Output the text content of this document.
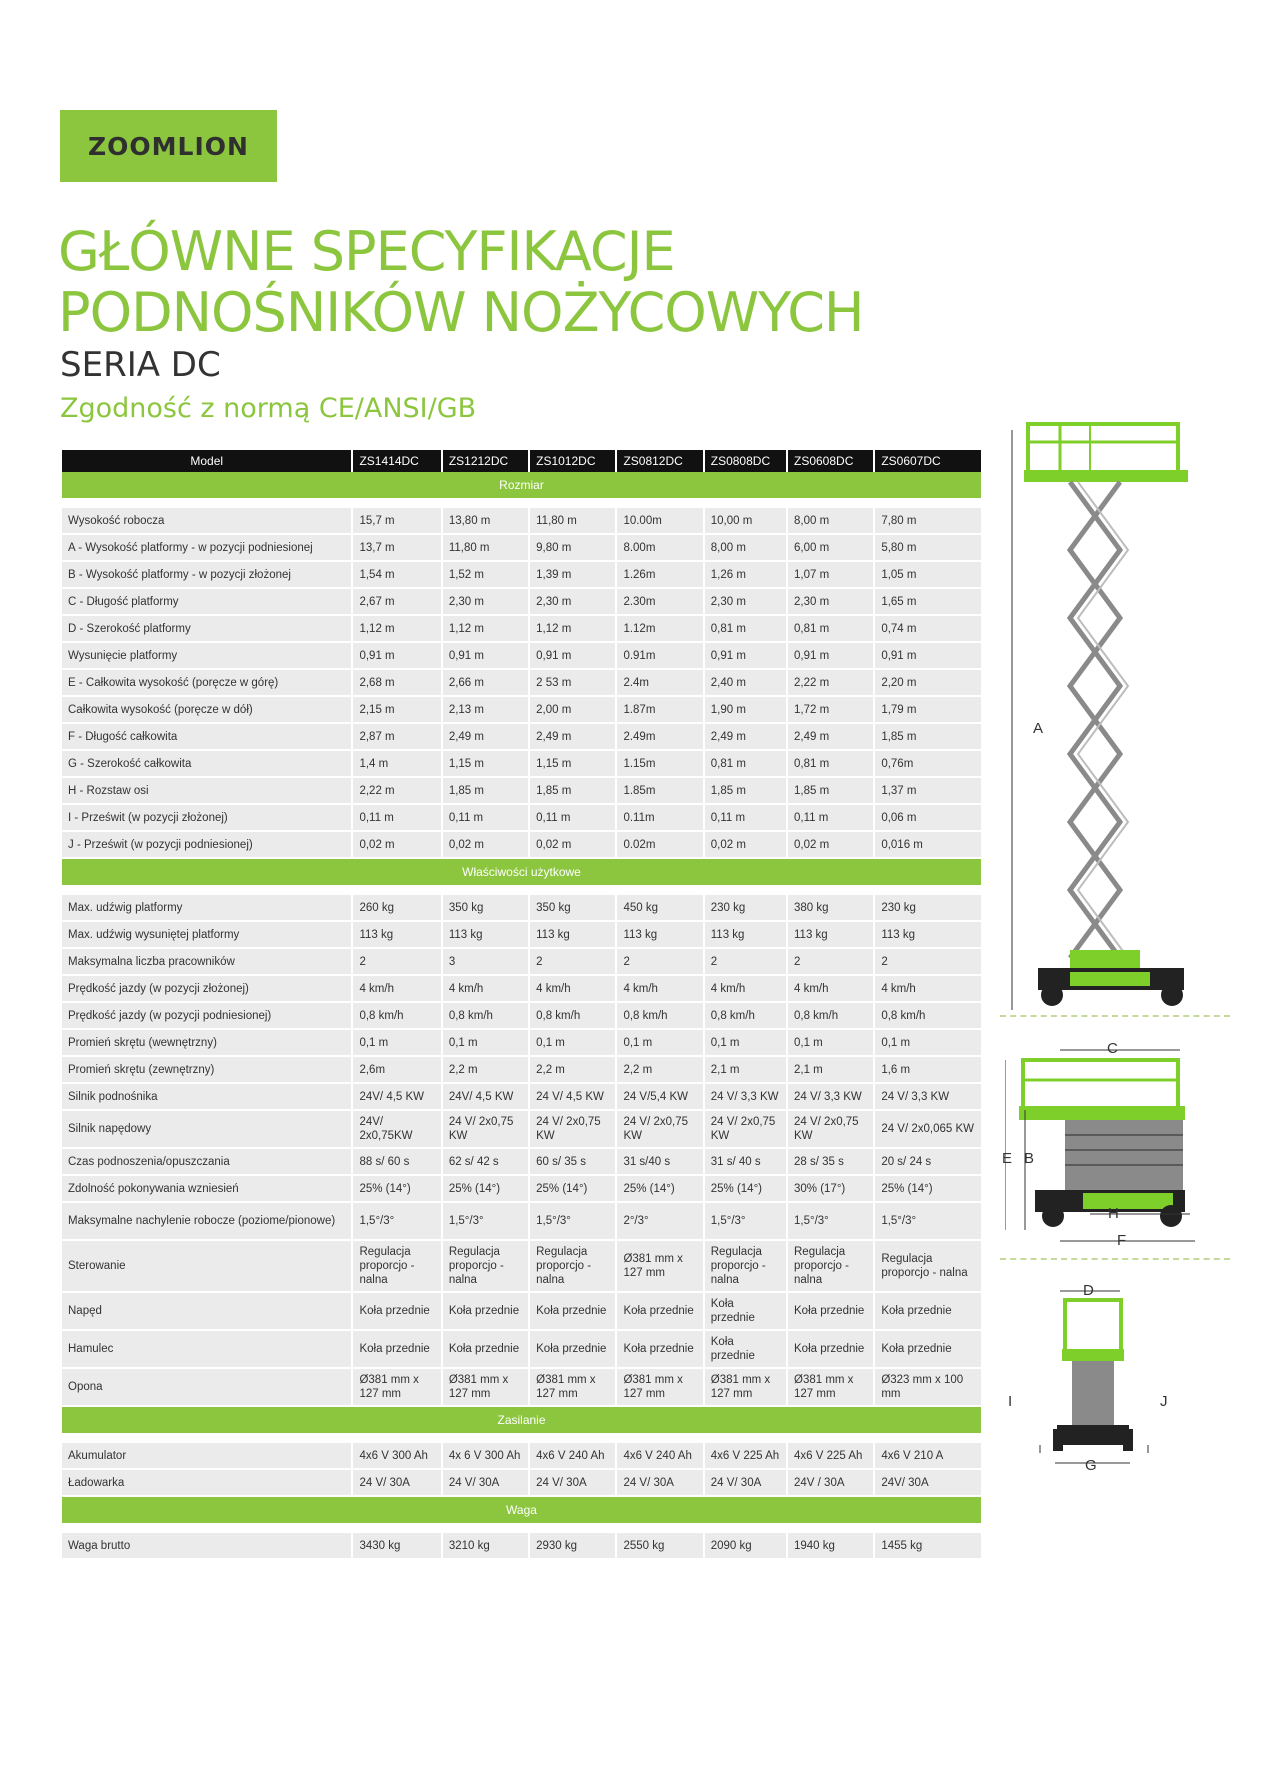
ZOOMLION
GŁÓWNE SPECYFIKACJE
PODNOŚNIKÓW NOŻYCOWYCH
SERIA DC
Zgodność z normą CE/ANSI/GB
Model	ZS1414DC	ZS1212DC	ZS1012DC	ZS0812DC	ZS0808DC	ZS0608DC	ZS0607DC
Rozmiar							

Wysokość robocza	15,7 m	13,80 m	11,80 m	10.00m	10,00 m	8,00 m	7,80 m
A - Wysokość platformy - w pozycji podniesionej	13,7 m	11,80 m	9,80 m	8.00m	8,00 m	6,00 m	5,80 m
B - Wysokość platformy - w pozycji złożonej	1,54 m	1,52 m	1,39 m	1.26m	1,26 m	1,07 m	1,05 m
C - Długość platformy	2,67 m	2,30 m	2,30 m	2.30m	2,30 m	2,30 m	1,65 m
D - Szerokość platformy	1,12 m	1,12 m	1,12 m	1.12m	0,81 m	0,81 m	0,74 m
Wysunięcie platformy	0,91 m	0,91 m	0,91 m	0.91m	0,91 m	0,91 m	0,91 m
E - Całkowita wysokość (poręcze w górę)	2,68 m	2,66 m	2 53 m	2.4m	2,40 m	2,22 m	2,20 m
Całkowita wysokość (poręcze w dół)	2,15 m	2,13 m	2,00 m	1.87m	1,90 m	1,72 m	1,79 m
F - Długość całkowita	2,87 m	2,49 m	2,49 m	2.49m	2,49 m	2,49 m	1,85 m
G - Szerokość całkowita	1,4 m	1,15 m	1,15 m	1.15m	0,81 m	0,81 m	0,76m
H - Rozstaw osi	2,22 m	1,85 m	1,85 m	1.85m	1,85 m	1,85 m	1,37 m
I - Prześwit (w pozycji złożonej)	0,11 m	0,11 m	0,11 m	0.11m	0,11 m	0,11 m	0,06 m
J - Prześwit (w pozycji podniesionej)	0,02 m	0,02 m	0,02 m	0.02m	0,02 m	0,02 m	0,016 m
Właściwości użytkowe							

Max. udźwig platformy	260 kg	350 kg	350 kg	450 kg	230 kg	380 kg	230 kg
Max. udźwig wysuniętej platformy	113 kg	113 kg	113 kg	113 kg	113 kg	113 kg	113 kg
Maksymalna liczba pracowników	2	3	2	2	2	2	2
Prędkość jazdy (w pozycji złożonej)	4 km/h	4 km/h	4 km/h	4 km/h	4 km/h	4 km/h	4 km/h
Prędkość jazdy (w pozycji podniesionej)	0,8 km/h	0,8 km/h	0,8 km/h	0,8 km/h	0,8 km/h	0,8 km/h	0,8 km/h
Promień skrętu (wewnętrzny)	0,1 m	0,1 m	0,1 m	0,1 m	0,1 m	0,1 m	0,1 m
Promień skrętu (zewnętrzny)	2,6m	2,2 m	2,2 m	2,2 m	2,1 m	2,1 m	1,6 m
Silnik podnośnika	24V/ 4,5 KW	24V/ 4,5 KW	24 V/ 4,5 KW	24 V/5,4 KW	24 V/ 3,3 KW	24 V/ 3,3 KW	24 V/ 3,3 KW
Silnik napędowy	24V/ 2x0,75KW	24 V/ 2x0,75 KW	24 V/ 2x0,75 KW	24 V/ 2x0,75 KW	24 V/ 2x0,75 KW	24 V/ 2x0,75 KW	24 V/ 2x0,065 KW
Czas podnoszenia/opuszczania	88 s/ 60 s	62 s/ 42 s	60 s/ 35 s	31 s/40 s	31 s/ 40 s	28 s/ 35 s	20 s/ 24 s
Zdolność pokonywania wzniesień	25% (14°)	25% (14°)	25% (14°)	25% (14°)	25% (14°)	30% (17°)	25% (14°)
Maksymalne nachylenie robocze (poziome/pionowe)	1,5°/3°	1,5°/3°	1,5°/3°	2°/3°	1,5°/3°	1,5°/3°	1,5°/3°
Sterowanie	Regulacja proporcjo - nalna	Regulacja proporcjo - nalna	Regulacja proporcjo - nalna	Ø381 mm x 127 mm	Regulacja proporcjo - nalna	Regulacja proporcjo - nalna	Regulacja proporcjo - nalna
Napęd	Koła przednie	Koła przednie	Koła przednie	Koła przednie	Koła przednie	Koła przednie	Koła przednie
Hamulec	Koła przednie	Koła przednie	Koła przednie	Koła przednie	Koła przednie	Koła przednie	Koła przednie
Opona	Ø381 mm x 127 mm	Ø381 mm x 127 mm	Ø381 mm x 127 mm	Ø381 mm x 127 mm	Ø381 mm x 127 mm	Ø381 mm x 127 mm	Ø323 mm x 100 mm
Zasilanie							

Akumulator	4x6 V 300 Ah	4x 6 V 300 Ah	4x6 V 240 Ah	4x6 V 240 Ah	4x6 V 225 Ah	4x6 V 225 Ah	4x6 V 210 A
Ładowarka	24 V/ 30A	24 V/ 30A	24 V/ 30A	24 V/ 30A	24 V/ 30A	24V / 30A	24V/ 30A
Waga							

Waga brutto	3430 kg	3210 kg	2930 kg	2550 kg	2090 kg	1940 kg	1455 kg
A
C
E B
H
F
D
I	J
G
